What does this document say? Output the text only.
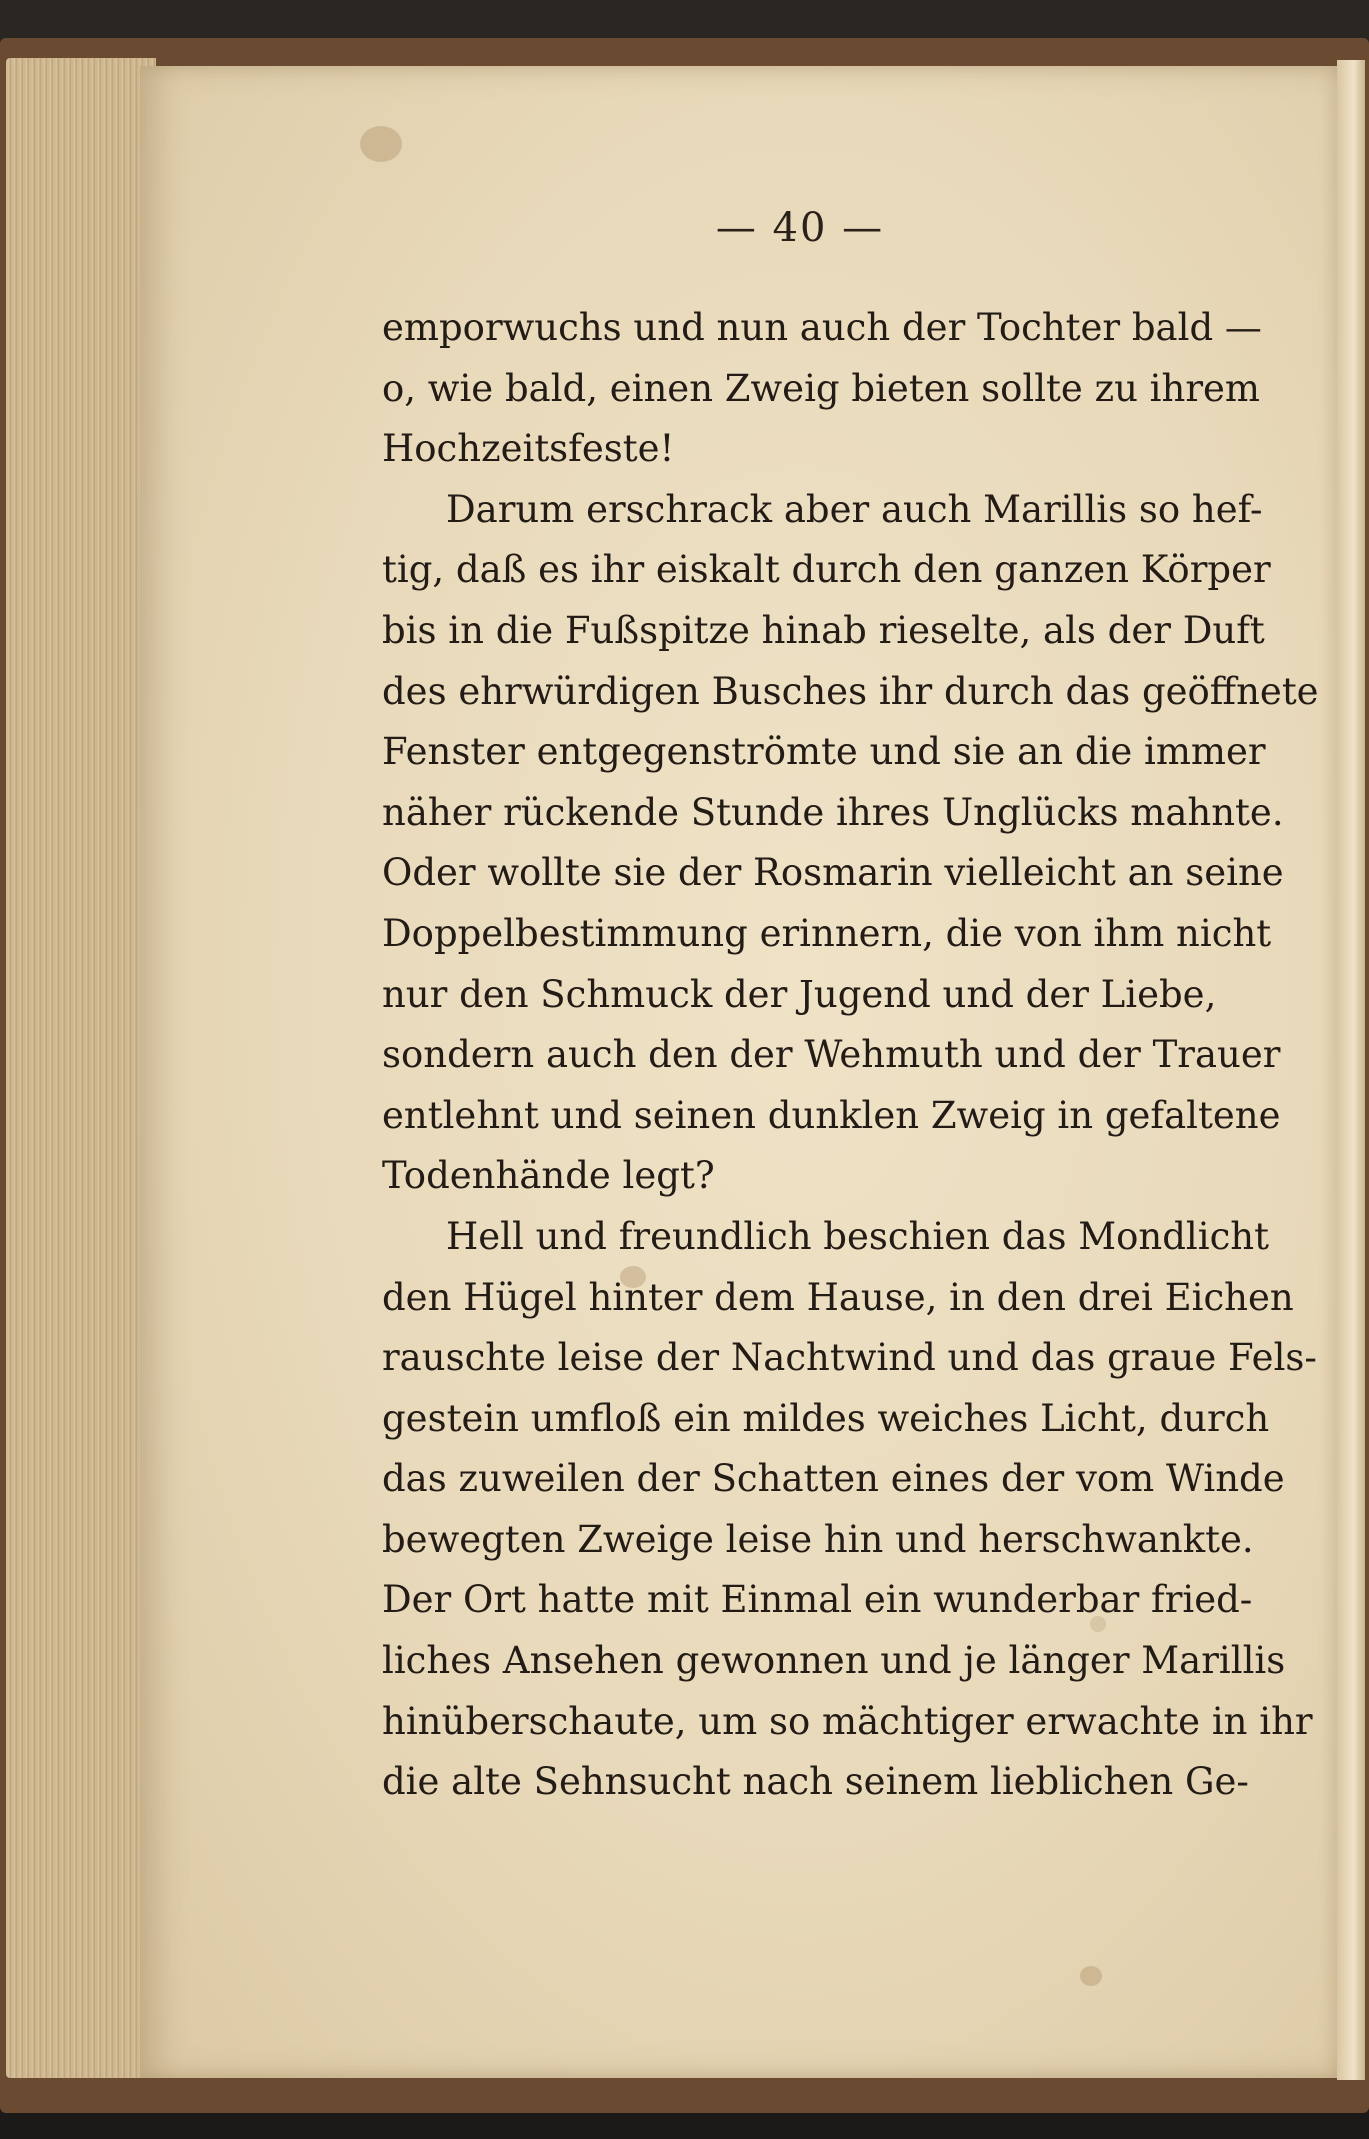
— 40 —
emporwuchs und nun auch der Tochter bald —
o, wie bald, einen Zweig bieten sollte zu ihrem
Hochzeitsfeste!
Darum erschrack aber auch Marillis so hef-
tig, daß es ihr eiskalt durch den ganzen Körper
bis in die Fußspitze hinab rieselte, als der Duft
des ehrwürdigen Busches ihr durch das geöffnete
Fenster entgegenströmte und sie an die immer
näher rückende Stunde ihres Unglücks mahnte.
Oder wollte sie der Rosmarin vielleicht an seine
Doppelbestimmung erinnern, die von ihm nicht
nur den Schmuck der Jugend und der Liebe,
sondern auch den der Wehmuth und der Trauer
entlehnt und seinen dunklen Zweig in gefaltene
Todenhände legt?
Hell und freundlich beschien das Mondlicht
den Hügel hinter dem Hause, in den drei Eichen
rauschte leise der Nachtwind und das graue Fels-
gestein umfloß ein mildes weiches Licht, durch
das zuweilen der Schatten eines der vom Winde
bewegten Zweige leise hin und herschwankte.
Der Ort hatte mit Einmal ein wunderbar fried-
liches Ansehen gewonnen und je länger Marillis
hinüberschaute, um so mächtiger erwachte in ihr
die alte Sehnsucht nach seinem lieblichen Ge-
